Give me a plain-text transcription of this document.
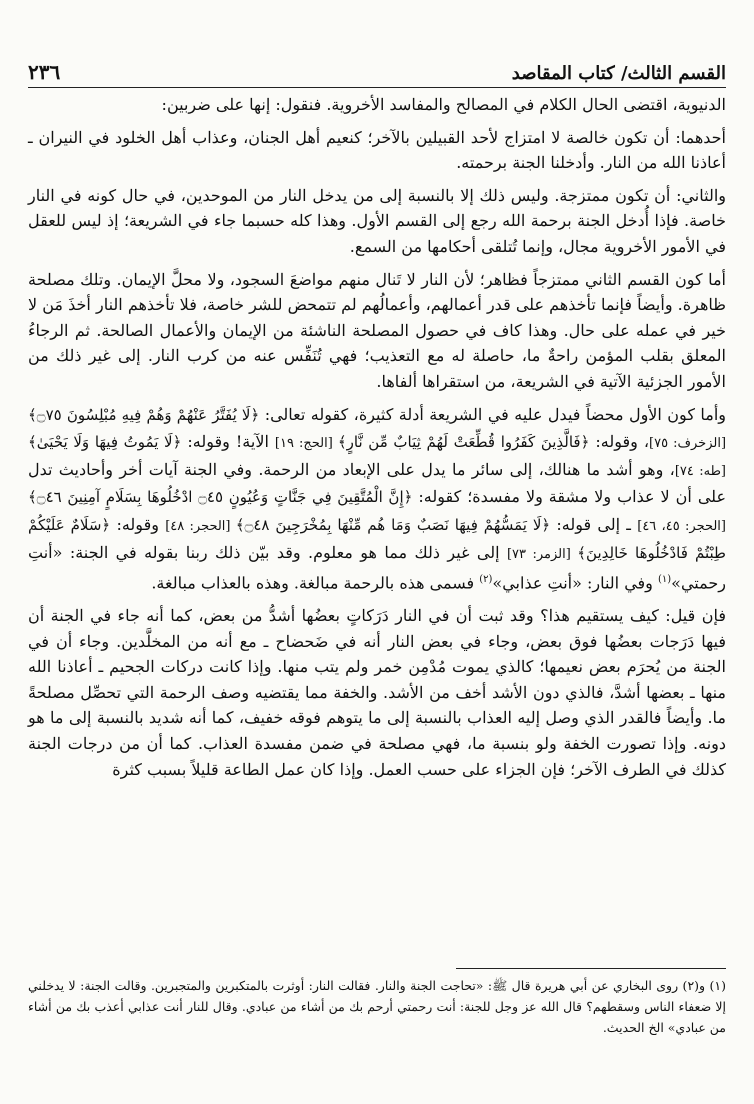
القسم الثالث/ كتاب المقاصد
٢٣٦

الدنيوية، اقتضى الحال الكلام في المصالح والمفاسد الأخروية. فنقول: إنها على ضربين:

أحدهما: أن تكون خالصة لا امتزاج لأحد القبيلين بالآخر؛ كنعيم أهل الجنان، وعذاب أهل الخلود في النيران ـ أعاذنا الله من النار. وأدخلنا الجنة برحمته.

والثاني: أن تكون ممتزجة. وليس ذلك إلا بالنسبة إلى من يدخل النار من الموحدين، في حال كونه في النار خاصة. فإذا أُدخل الجنة برحمة الله رجع إلى القسم الأول. وهذا كله حسبما جاء في الشريعة؛ إذ ليس للعقل في الأمور الأخروية مجال، وإنما تُتلقى أحكامها من السمع.

أما كون القسم الثاني ممتزجاً فظاهر؛ لأن النار لا تَنال منهم مواضعَ السجود، ولا محلَّ الإيمان. وتلك مصلحة ظاهرة. وأيضاً فإنما تأخذهم على قدر أعمالهم، وأعمالُهم لم تتمحض للشر خاصة، فلا تأخذهم النار أخذَ مَن لا خير في عمله على حال. وهذا كاف في حصول المصلحة الناشئة من الإيمان والأعمال الصالحة. ثم الرجاءُ المعلق بقلب المؤمن راحةٌ ما، حاصلة له مع التعذيب؛ فهي تُنَفِّس عنه من كرب النار. إلى غير ذلك من الأمور الجزئية الآتية في الشريعة، من استقراها ألفاها.

وأما كون الأول محضاً فيدل عليه في الشريعة أدلة كثيرة، كقوله تعالى: ﴿لَا يُفَتَّرُ عَنْهُمْ وَهُمْ فِيهِ مُبْلِسُونَ ۝٧٥﴾ [الزخرف: ٧٥]، وقوله: ﴿فَالَّذِينَ كَفَرُوا قُطِّعَتْ لَهُمْ ثِيَابٌ مِّن نَّارٍ﴾ [الحج: ١٩] الآية! وقوله: ﴿لَا يَمُوتُ فِيهَا وَلَا يَحْيَىٰ﴾ [طه: ٧٤]، وهو أشد ما هنالك، إلى سائر ما يدل على الإبعاد من الرحمة. وفي الجنة آيات أخر وأحاديث تدل على أن لا عذاب ولا مشقة ولا مفسدة؛ كقوله: ﴿إِنَّ الْمُتَّقِينَ فِي جَنَّاتٍ وَعُيُونٍ ۝٤٥ ادْخُلُوهَا بِسَلَامٍ آمِنِينَ ۝٤٦﴾ [الحجر: ٤٥، ٤٦] ـ إلى قوله: ﴿لَا يَمَسُّهُمْ فِيهَا نَصَبٌ وَمَا هُم مِّنْهَا بِمُخْرَجِينَ ۝٤٨﴾ [الحجر: ٤٨] وقوله: ﴿سَلَامٌ عَلَيْكُمْ طِبْتُمْ فَادْخُلُوهَا خَالِدِينَ﴾ [الزمر: ٧٣] إلى غير ذلك مما هو معلوم. وقد بيّن ذلك ربنا بقوله في الجنة: «أنتِ رحمتي»$^{(١)}$ وفي النار: «أنتِ عذابي»$^{(٢)}$ فسمى هذه بالرحمة مبالغة. وهذه بالعذاب مبالغة.

فإن قيل: كيف يستقيم هذا؟ وقد ثبت أن في النار دَرَكاتٍ بعضُها أشدُّ من بعض، كما أنه جاء في الجنة أن فيها دَرَجات بعضُها فوق بعض، وجاء في بعض النار أنه في ضَحضاح ـ مع أنه من المخلَّدين. وجاء أن في الجنة من يُحرَم بعض نعيمها؛ كالذي يموت مُدْمِن خمر ولم يتب منها. وإذا كانت دركات الجحيم ـ أعاذنا الله منها ـ بعضها أشدَّ، فالذي دون الأشد أخف من الأشد. والخفة مما يقتضيه وصف الرحمة التي تحصِّل مصلحةً ما. وأيضاً فالقدر الذي وصل إليه العذاب بالنسبة إلى ما يتوهم فوقه خفيف، كما أنه شديد بالنسبة إلى ما هو دونه. وإذا تصورت الخفة ولو بنسبة ما، فهي مصلحة في ضمن مفسدة العذاب. كما أن من درجات الجنة كذلك في الطرف الآخر؛ فإن الجزاء على حسب العمل. وإذا كان عمل الطاعة قليلاً بسبب كثرة

(١) و(٢) روى البخاري عن أبي هريرة قال ﷺ: «تحاجت الجنة والنار. فقالت النار: أوثرت بالمتكبرين والمتجبرين. وقالت الجنة: لا يدخلني إلا ضعفاء الناس وسقطهم؟ قال الله عز وجل للجنة: أنت رحمتي أرحم بك من أشاء من عبادي. وقال للنار أنت عذابي أعذب بك من أشاء من عبادي» الخ الحديث.
